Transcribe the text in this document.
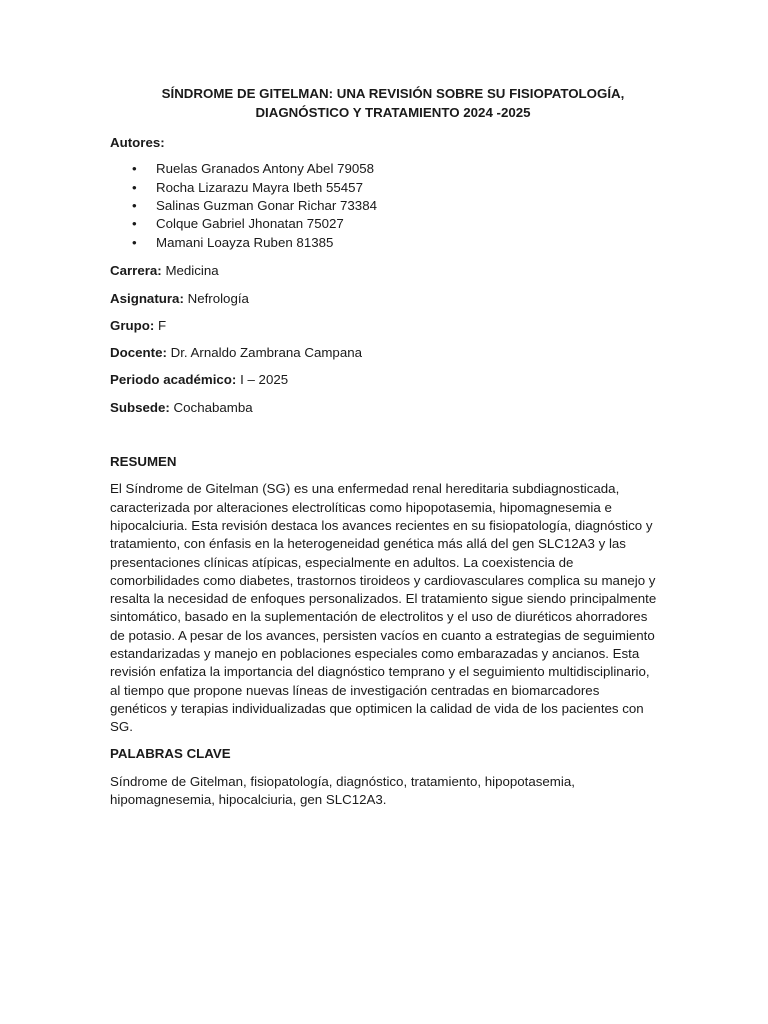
SÍNDROME DE GITELMAN: UNA REVISIÓN SOBRE SU FISIOPATOLOGÍA, DIAGNÓSTICO Y TRATAMIENTO 2024 -2025

Autores:

• Ruelas Granados Antony Abel 79058
• Rocha Lizarazu Mayra Ibeth 55457
• Salinas Guzman Gonar Richar 73384
• Colque Gabriel Jhonatan 75027
• Mamani Loayza Ruben 81385

Carrera: Medicina

Asignatura: Nefrología

Grupo: F

Docente: Dr. Arnaldo Zambrana Campana

Periodo académico: I – 2025

Subsede: Cochabamba

RESUMEN

El Síndrome de Gitelman (SG) es una enfermedad renal hereditaria subdiagnosticada, caracterizada por alteraciones electrolíticas como hipopotasemia, hipomagnesemia e hipocalciuria. Esta revisión destaca los avances recientes en su fisiopatología, diagnóstico y tratamiento, con énfasis en la heterogeneidad genética más allá del gen SLC12A3 y las presentaciones clínicas atípicas, especialmente en adultos. La coexistencia de comorbilidades como diabetes, trastornos tiroideos y cardiovasculares complica su manejo y resalta la necesidad de enfoques personalizados. El tratamiento sigue siendo principalmente sintomático, basado en la suplementación de electrolitos y el uso de diuréticos ahorradores de potasio. A pesar de los avances, persisten vacíos en cuanto a estrategias de seguimiento estandarizadas y manejo en poblaciones especiales como embarazadas y ancianos. Esta revisión enfatiza la importancia del diagnóstico temprano y el seguimiento multidisciplinario, al tiempo que propone nuevas líneas de investigación centradas en biomarcadores genéticos y terapias individualizadas que optimicen la calidad de vida de los pacientes con SG.

PALABRAS CLAVE

Síndrome de Gitelman, fisiopatología, diagnóstico, tratamiento, hipopotasemia, hipomagnesemia, hipocalciuria, gen SLC12A3.
